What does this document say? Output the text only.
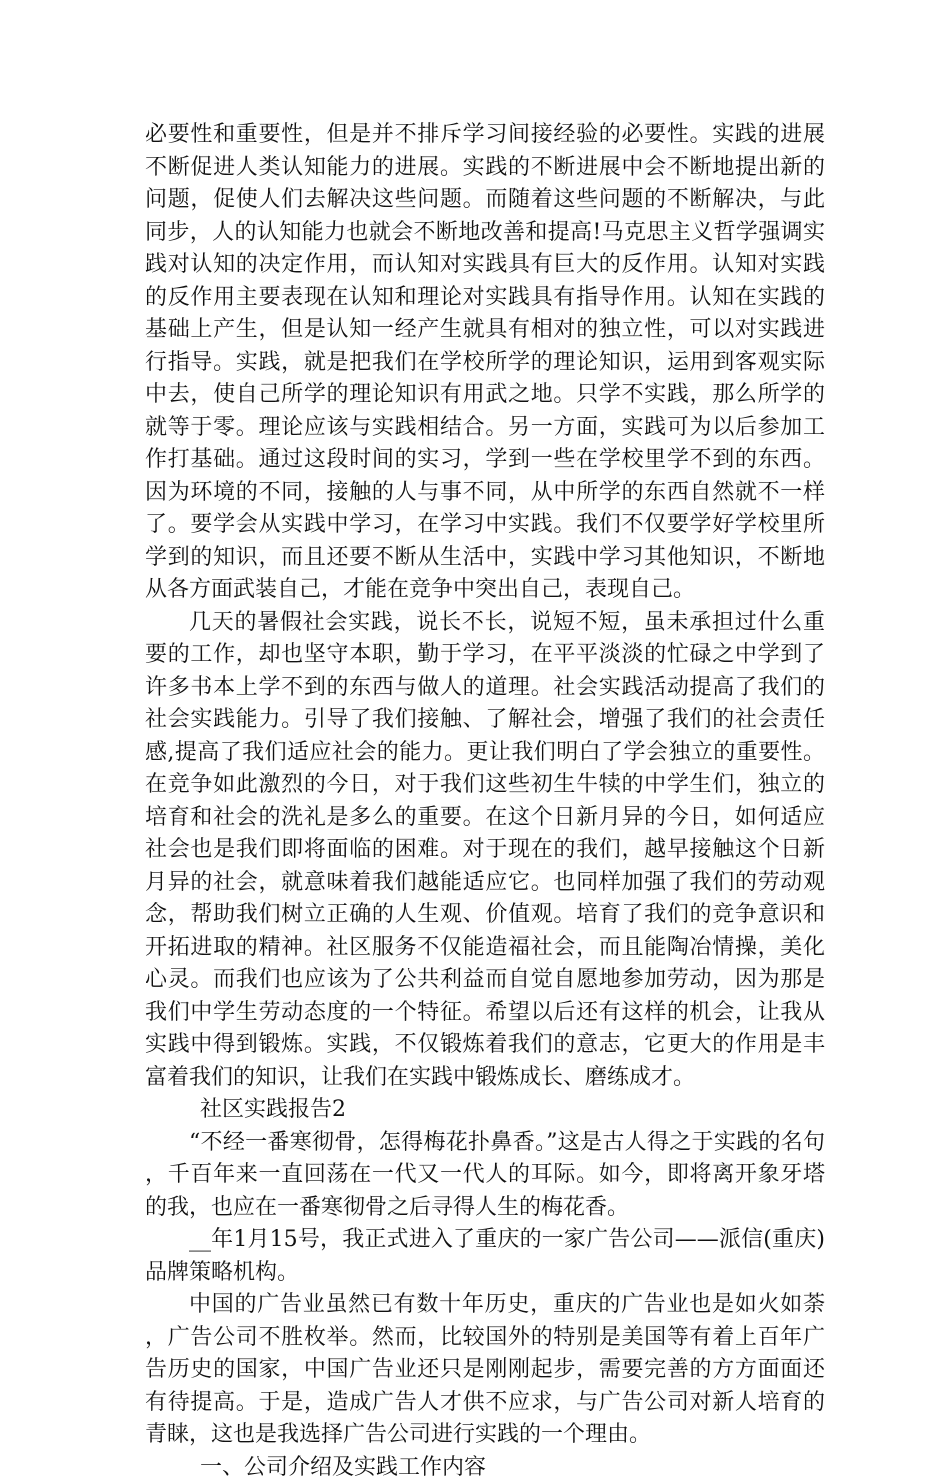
必要性和重要性，但是并不排斥学习间接经验的必要性。实践的进展不断促进人类认知能力的进展。实践的不断进展中会不断地提出新的问题，促使人们去解决这些问题。而随着这些问题的不断解决，与此同步，人的认知能力也就会不断地改善和提高!马克思主义哲学强调实践对认知的决定作用，而认知对实践具有巨大的反作用。认知对实践的反作用主要表现在认知和理论对实践具有指导作用。认知在实践的基础上产生，但是认知一经产生就具有相对的独立性，可以对实践进行指导。实践，就是把我们在学校所学的理论知识，运用到客观实际中去，使自己所学的理论知识有用武之地。只学不实践，那么所学的就等于零。理论应该与实践相结合。另一方面，实践可为以后参加工作打基础。通过这段时间的实习，学到一些在学校里学不到的东西。因为环境的不同，接触的人与事不同，从中所学的东西自然就不一样了。要学会从实践中学习，在学习中实践。我们不仅要学好学校里所学到的知识，而且还要不断从生活中，实践中学习其他知识，不断地从各方面武装自己，才能在竞争中突出自己，表现自己。

几天的暑假社会实践，说长不长，说短不短，虽未承担过什么重要的工作，却也坚守本职，勤于学习，在平平淡淡的忙碌之中学到了许多书本上学不到的东西与做人的道理。社会实践活动提高了我们的社会实践能力。引导了我们接触、了解社会，增强了我们的社会责任感,提高了我们适应社会的能力。更让我们明白了学会独立的重要性。在竞争如此激烈的今日，对于我们这些初生牛犊的中学生们，独立的培育和社会的洗礼是多么的重要。在这个日新月异的今日，如何适应社会也是我们即将面临的困难。对于现在的我们，越早接触这个日新月异的社会，就意味着我们越能适应它。也同样加强了我们的劳动观念，帮助我们树立正确的人生观、价值观。培育了我们的竞争意识和开拓进取的精神。社区服务不仅能造福社会，而且能陶冶情操，美化心灵。而我们也应该为了公共利益而自觉自愿地参加劳动，因为那是我们中学生劳动态度的一个特征。希望以后还有这样的机会，让我从实践中得到锻炼。实践，不仅锻炼着我们的意志，它更大的作用是丰富着我们的知识，让我们在实践中锻炼成长、磨练成才。

社区实践报告2

“不经一番寒彻骨，怎得梅花扑鼻香。”这是古人得之于实践的名句，千百年来一直回荡在一代又一代人的耳际。如今，即将离开象牙塔的我，也应在一番寒彻骨之后寻得人生的梅花香。

__年1月15号，我正式进入了重庆的一家广告公司——派信(重庆)品牌策略机构。

中国的广告业虽然已有数十年历史，重庆的广告业也是如火如荼，广告公司不胜枚举。然而，比较国外的特别是美国等有着上百年广告历史的国家，中国广告业还只是刚刚起步，需要完善的方方面面还有待提高。于是，造成广告人才供不应求，与广告公司对新人培育的青睐，这也是我选择广告公司进行实践的一个理由。

一、公司介绍及实践工作内容
